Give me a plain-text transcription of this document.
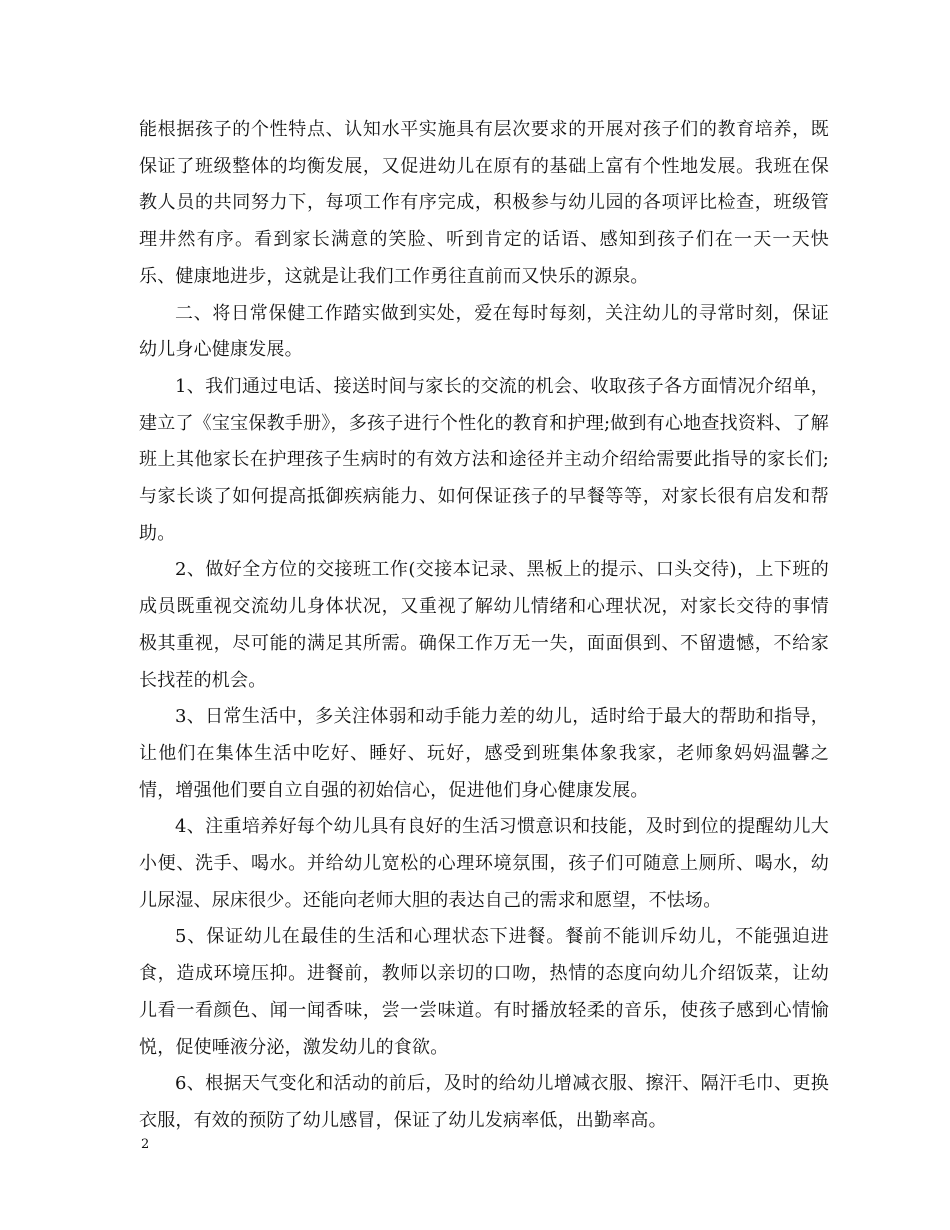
能根据孩子的个性特点、认知水平实施具有层次要求的开展对孩子们的教育培养，既保证了班级整体的均衡发展，又促进幼儿在原有的基础上富有个性地发展。我班在保教人员的共同努力下，每项工作有序完成，积极参与幼儿园的各项评比检查，班级管理井然有序。看到家长满意的笑脸、听到肯定的话语、感知到孩子们在一天一天快乐、健康地进步，这就是让我们工作勇往直前而又快乐的源泉。

二、将日常保健工作踏实做到实处，爱在每时每刻，关注幼儿的寻常时刻，保证幼儿身心健康发展。

1、我们通过电话、接送时间与家长的交流的机会、收取孩子各方面情况介绍单，建立了《宝宝保教手册》，多孩子进行个性化的教育和护理;做到有心地查找资料、了解班上其他家长在护理孩子生病时的有效方法和途径并主动介绍给需要此指导的家长们;与家长谈了如何提高抵御疾病能力、如何保证孩子的早餐等等，对家长很有启发和帮助。

2、做好全方位的交接班工作(交接本记录、黑板上的提示、口头交待)，上下班的成员既重视交流幼儿身体状况，又重视了解幼儿情绪和心理状况，对家长交待的事情极其重视，尽可能的满足其所需。确保工作万无一失，面面俱到、不留遗憾，不给家长找茬的机会。

3、日常生活中，多关注体弱和动手能力差的幼儿，适时给于最大的帮助和指导，让他们在集体生活中吃好、睡好、玩好，感受到班集体象我家，老师象妈妈温馨之情，增强他们要自立自强的初始信心，促进他们身心健康发展。

4、注重培养好每个幼儿具有良好的生活习惯意识和技能，及时到位的提醒幼儿大小便、洗手、喝水。并给幼儿宽松的心理环境氛围，孩子们可随意上厕所、喝水，幼儿尿湿、尿床很少。还能向老师大胆的表达自己的需求和愿望，不怯场。

5、保证幼儿在最佳的生活和心理状态下进餐。餐前不能训斥幼儿，不能强迫进食，造成环境压抑。进餐前，教师以亲切的口吻，热情的态度向幼儿介绍饭菜，让幼儿看一看颜色、闻一闻香味，尝一尝味道。有时播放轻柔的音乐，使孩子感到心情愉悦，促使唾液分泌，激发幼儿的食欲。

6、根据天气变化和活动的前后，及时的给幼儿增减衣服、擦汗、隔汗毛巾、更换衣服，有效的预防了幼儿感冒，保证了幼儿发病率低，出勤率高。

2
